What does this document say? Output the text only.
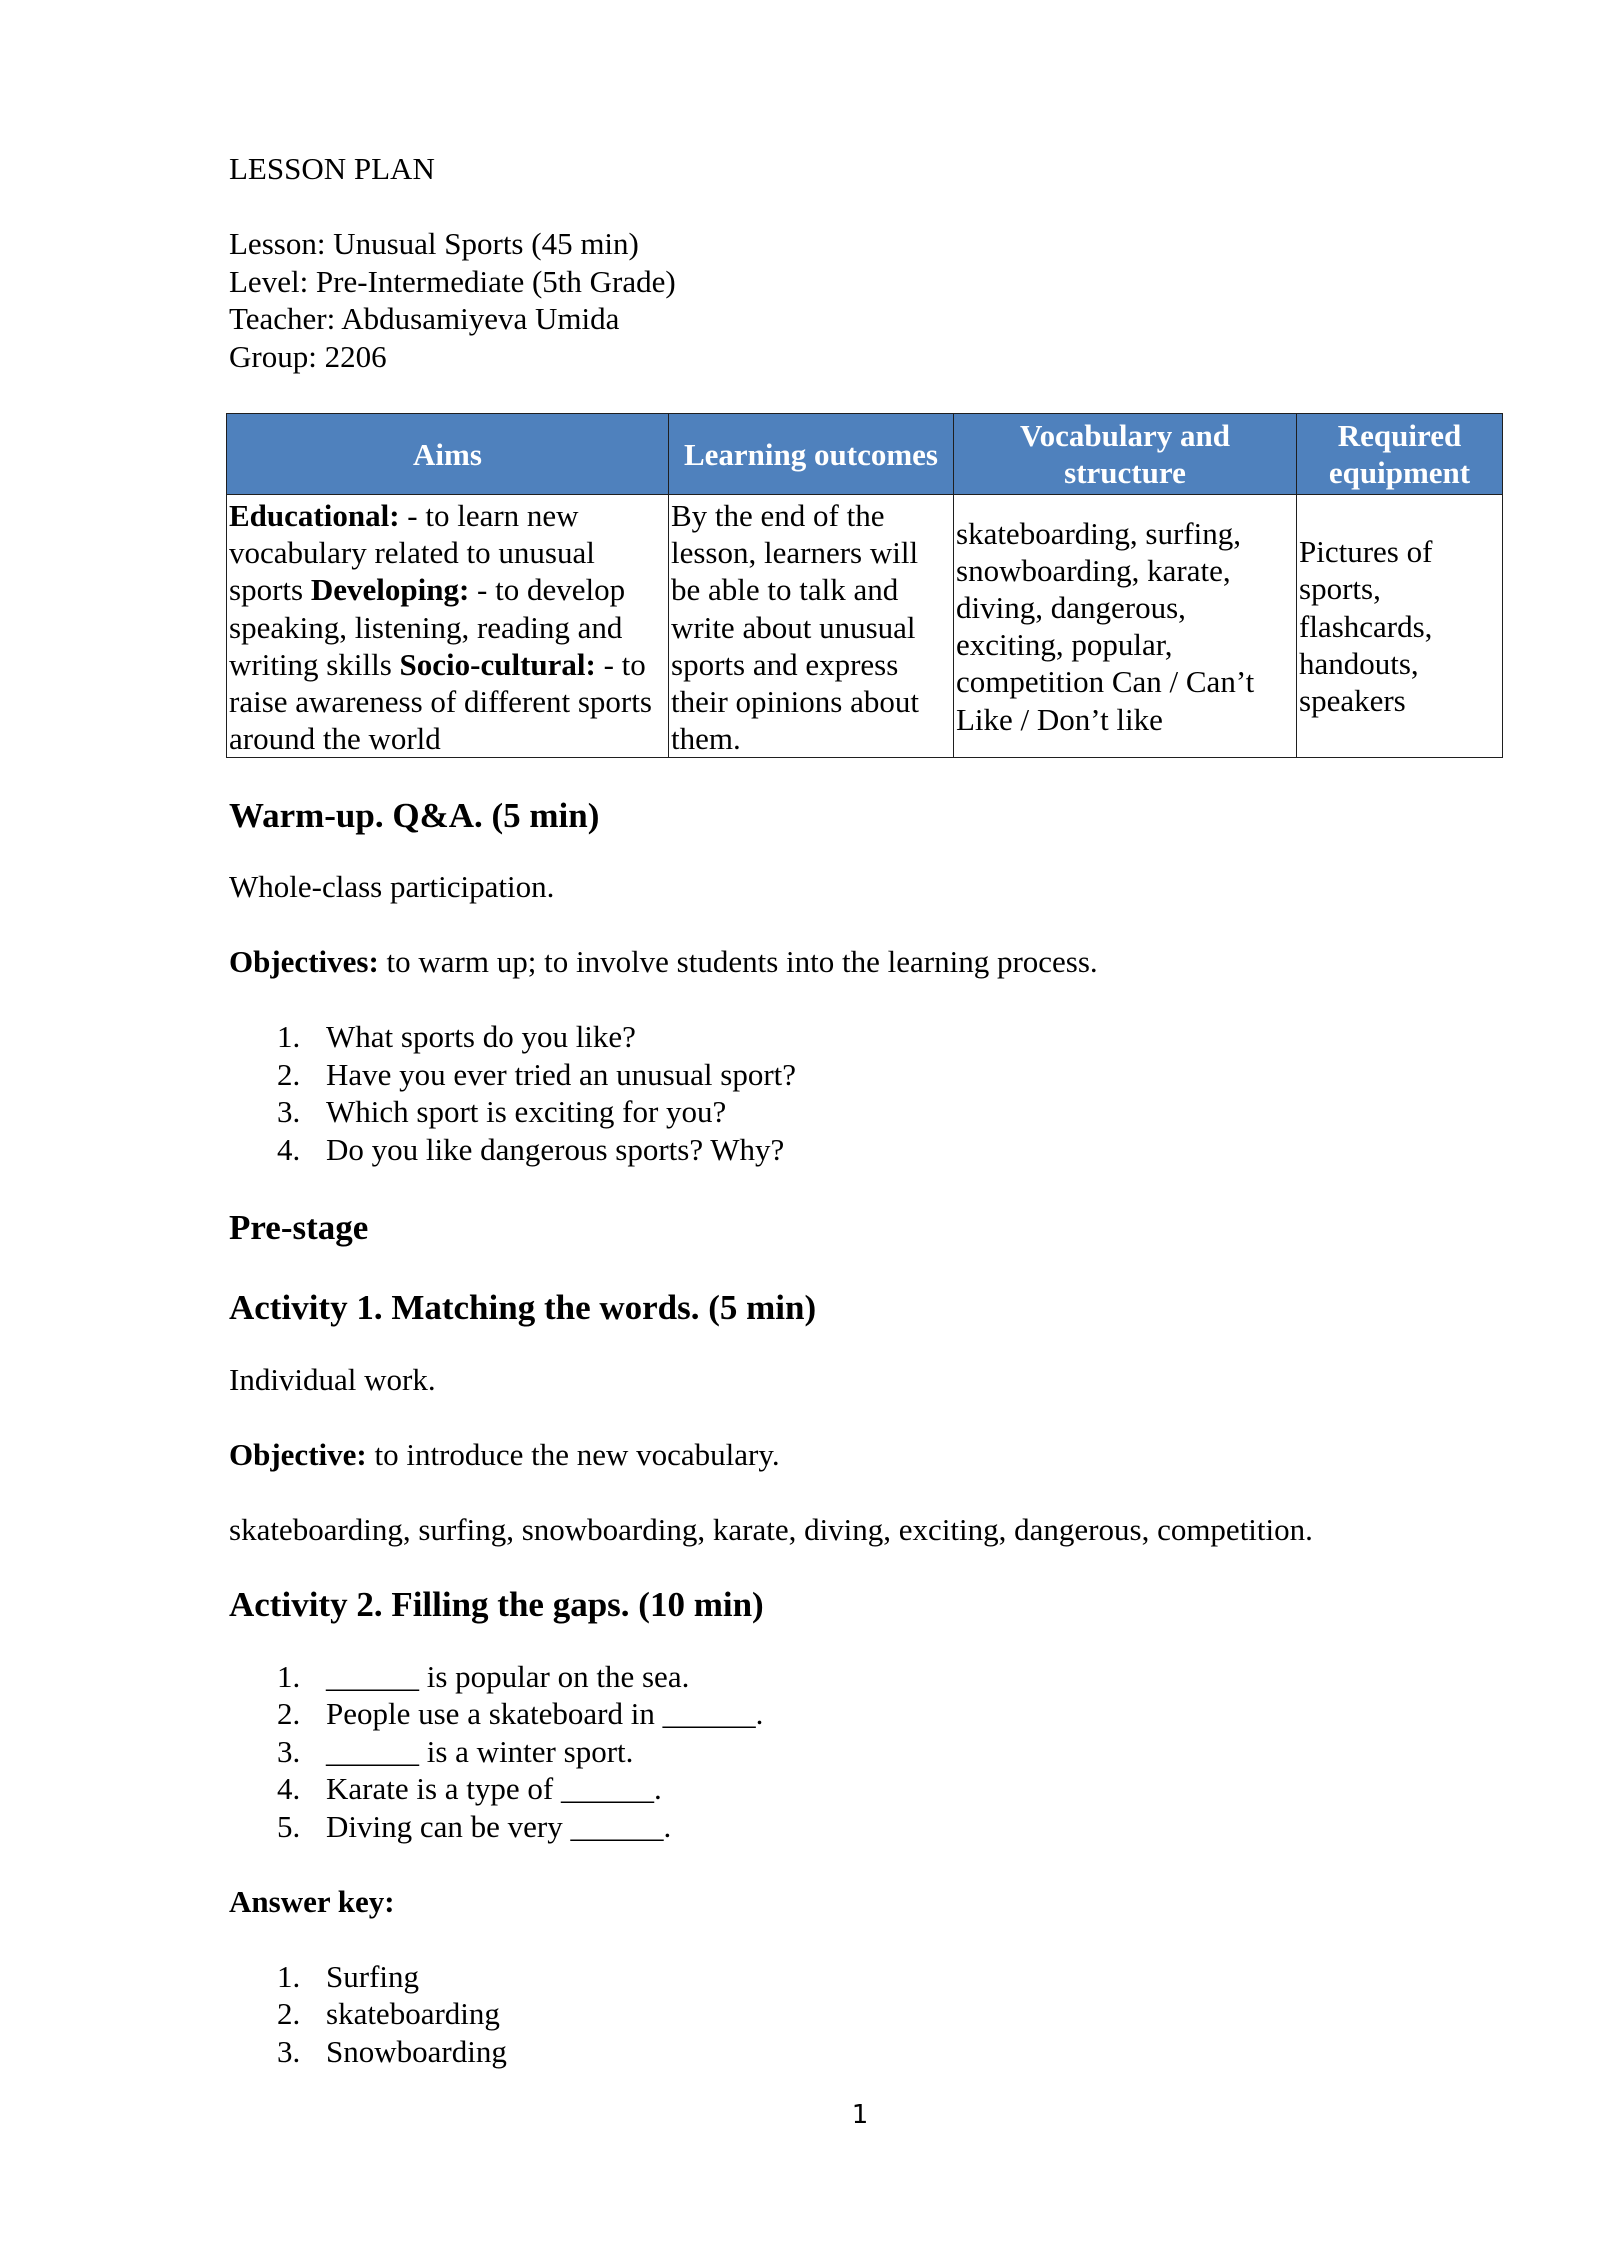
LESSON PLAN

Lesson: Unusual Sports (45 min)

Level: Pre-Intermediate (5th Grade)

Teacher: Abdusamiyeva Umida

Group: 2206

Aims	Learning outcomes	Vocabulary and structure	Required equipment
Educational: - to learn new vocabulary related to unusual sports Developing: - to develop speaking, listening, reading and writing skills Socio-cultural: - to raise awareness of different sports around the world	By the end of the lesson, learners will be able to talk and write about unusual sports and express their opinions about them.	skateboarding, surfing, snowboarding, karate, diving, dangerous, exciting, popular, competition Can / Can’t Like / Don’t like	Pictures of sports, flashcards, handouts, speakers
Warm-up. Q&A. (5 min)

Whole-class participation.

Objectives: to warm up; to involve students into the learning process.

1. What sports do you like?
2. Have you ever tried an unusual sport?
3. Which sport is exciting for you?
4. Do you like dangerous sports? Why?
Pre-stage
Activity 1. Matching the words. (5 min)

Individual work.

Objective: to introduce the new vocabulary.

skateboarding, surfing, snowboarding, karate, diving, exciting, dangerous, competition.

Activity 2. Filling the gaps. (10 min)
1. ______ is popular on the sea.
2. People use a skateboard in ______.
3. ______ is a winter sport.
4. Karate is a type of ______.
5. Diving can be very ______.

Answer key:

1. Surfing
2. skateboarding
3. Snowboarding
1
